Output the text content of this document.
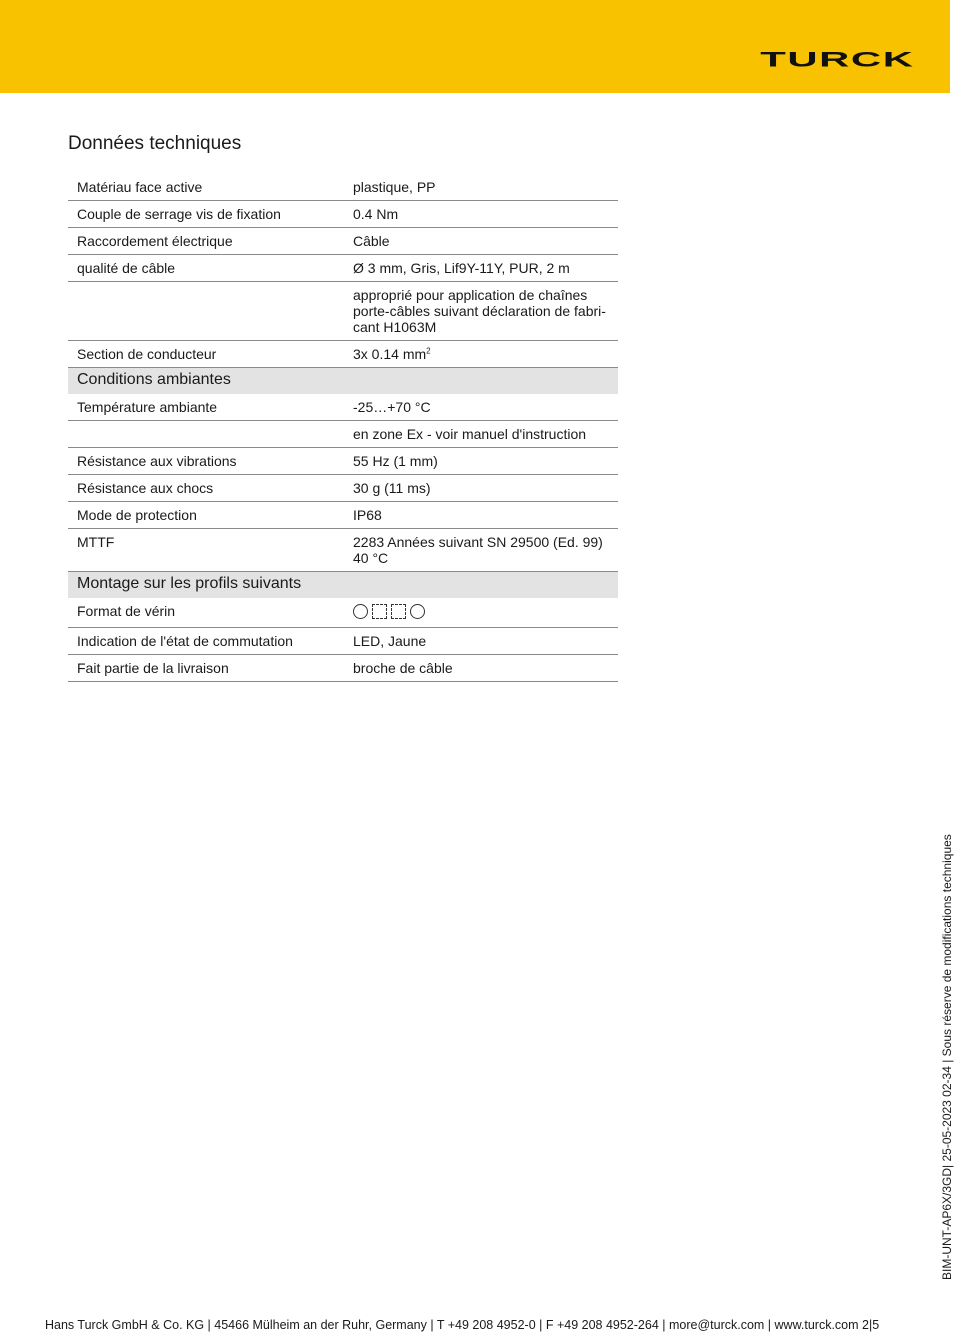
TURCK
Données techniques
Matériau face active	plastique, PP
Couple de serrage vis de fixation	0.4 Nm
Raccordement électrique	Câble
qualité de câble	Ø 3 mm, Gris, Lif9Y-11Y, PUR, 2 m
	approprié pour application de chaînes
porte-câbles suivant déclaration de fabri-
cant H1063M
Section de conducteur	3x 0.14 $mm^2$
Conditions ambiantes	
Température ambiante	-25…+70 °C
	en zone Ex - voir manuel d'instruction
Résistance aux vibrations	55 Hz (1 mm)
Résistance aux chocs	30 g (11 ms)
Mode de protection	IP68
MTTF	2283 Années suivant SN 29500 (Ed. 99)
40 °C
Montage sur les profils suivants	
Format de vérin	

Indication de l'état de commutation	LED, Jaune
Fait partie de la livraison	broche de câble
BIM-UNT-AP6X/3GD| 25-05-2023 02-34 | Sous réserve de modifications techniques
Hans Turck GmbH & Co. KG | 45466 Mülheim an der Ruhr, Germany | T +49 208 4952-0 | F +49 208 4952-264 | more@turck.com | www.turck.com 2|5
